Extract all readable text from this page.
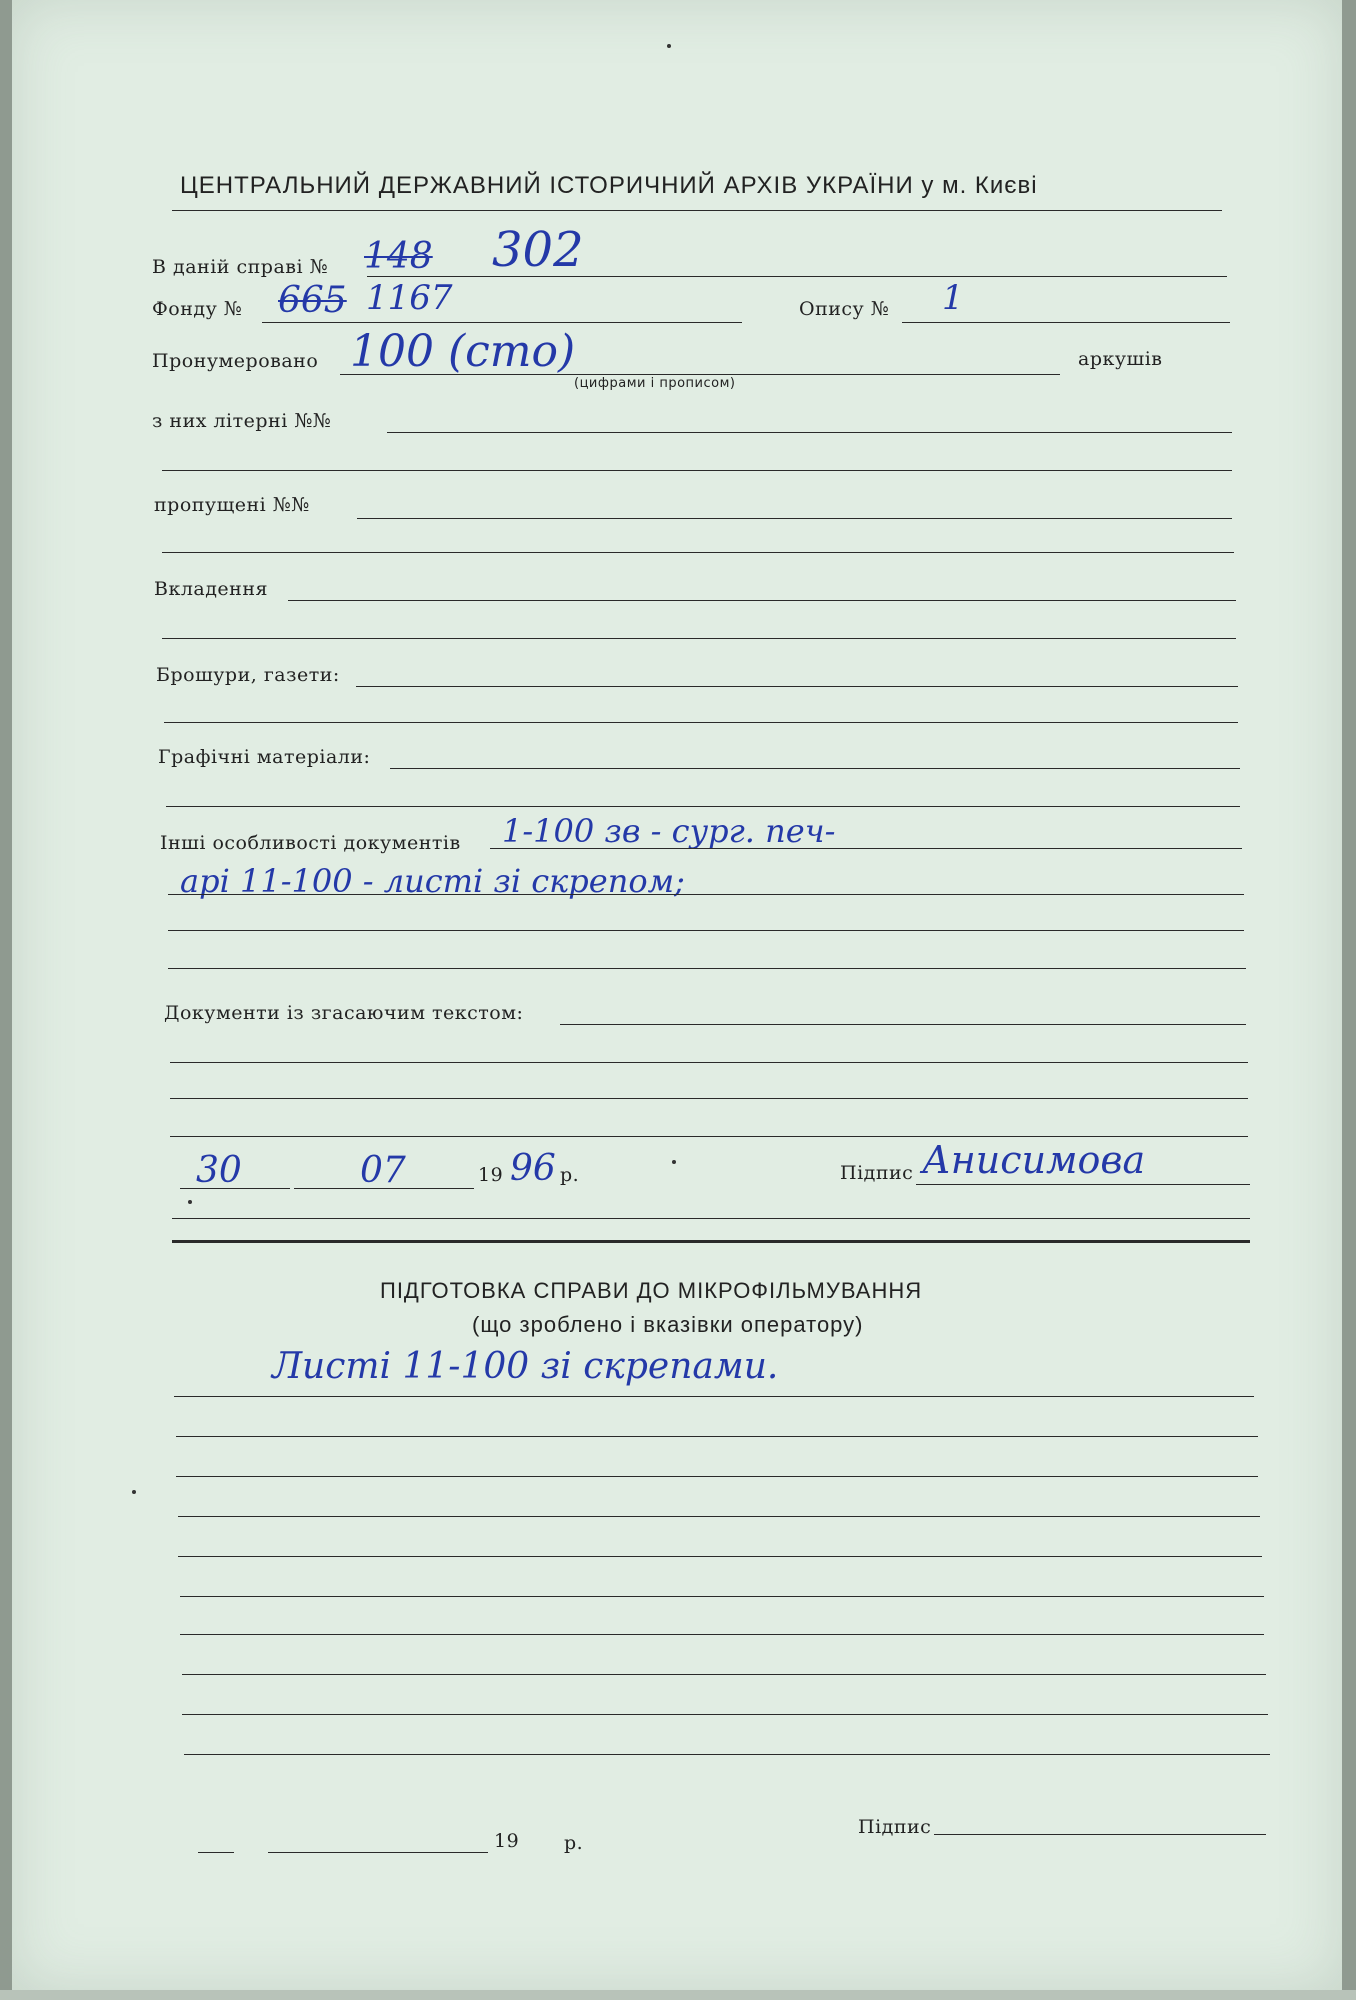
ЦЕНТРАЛЬНИЙ ДЕРЖАВНИЙ ІСТОРИЧНИЙ АРХІВ УКРАЇНИ у м. Києві
В даній справі № 148 302
Фонду № 665 1167	Опису № 1
Пронумеровано 100 (сто)
(цифрами і прописом)
аркушів
з них літерні №№
пропущені №№
Вкладення
Брошури, газети:
Графічні матеріали:
Інші особливості документів 1-100 зв - сург. печ-
арі 11-100 - листі зі скрепом;
Документи із згасаючим текстом:
30	07	19 96 р.	Підпис Анисимова
ПІДГОТОВКА СПРАВИ ДО МІКРОФІЛЬМУВАННЯ
(що зроблено і вказівки оператору)
Листі 11-100 зі скрепами.
19 р.
Підпис
